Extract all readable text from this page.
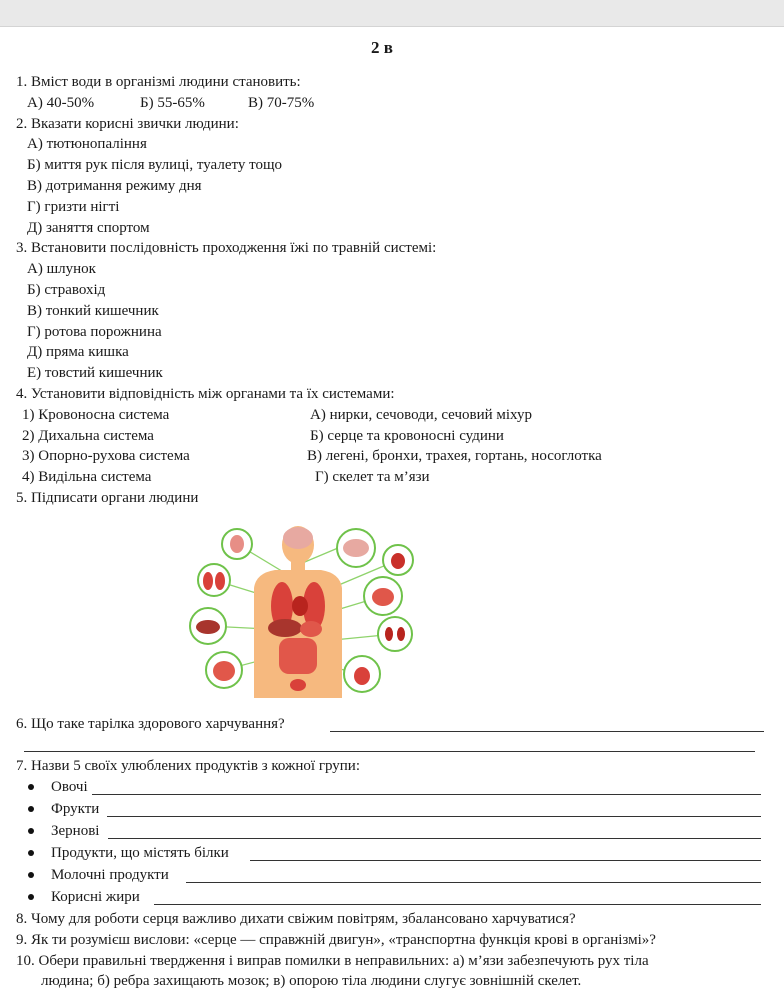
2 в
1. Вміст води в організмі людини становить:
А) 40-50%	Б) 55-65%	В) 70-75%
2. Вказати корисні звички людини:
А) тютюнопаління
Б) миття рук після вулиці, туалету тощо
В) дотримання режиму дня
Г) гризти нігті
Д) заняття спортом
3. Встановити послідовність проходження їжі по травній системі:
А) шлунок
Б) стравохід
В) тонкий кишечник
Г) ротова порожнина
Д) пряма кишка
Е) товстий кишечник
4. Установити відповідність між органами та їх системами:
1) Кровоносна система
2) Дихальна система
3) Опорно-рухова система
4) Видільна система
А) нирки, сечоводи, сечовий міхур
Б) серце та кровоносні судини
В) легені, бронхи, трахея, гортань, носоглотка
Г) скелет та м’язи
5. Підписати органи людини
6. Що таке тарілка здорового харчування?
7. Назви 5 своїх улюблених продуктів з кожної групи:
Овочі
Фрукти
Зернові
Продукти, що містять білки
Молочні продукти
Корисні жири
8. Чому для роботи серця важливо дихати свіжим повітрям, збалансовано харчуватися?
9. Як ти розумієш вислови: «серце — справжній двигун», «транспортна функція крові в організмі»?
10. Обери правильні твердження і виправ помилки в неправильних: а) м’язи забезпечують рух тіла
людина; б) ребра захищають мозок; в) опорою тіла людини слугує зовнішній скелет.
